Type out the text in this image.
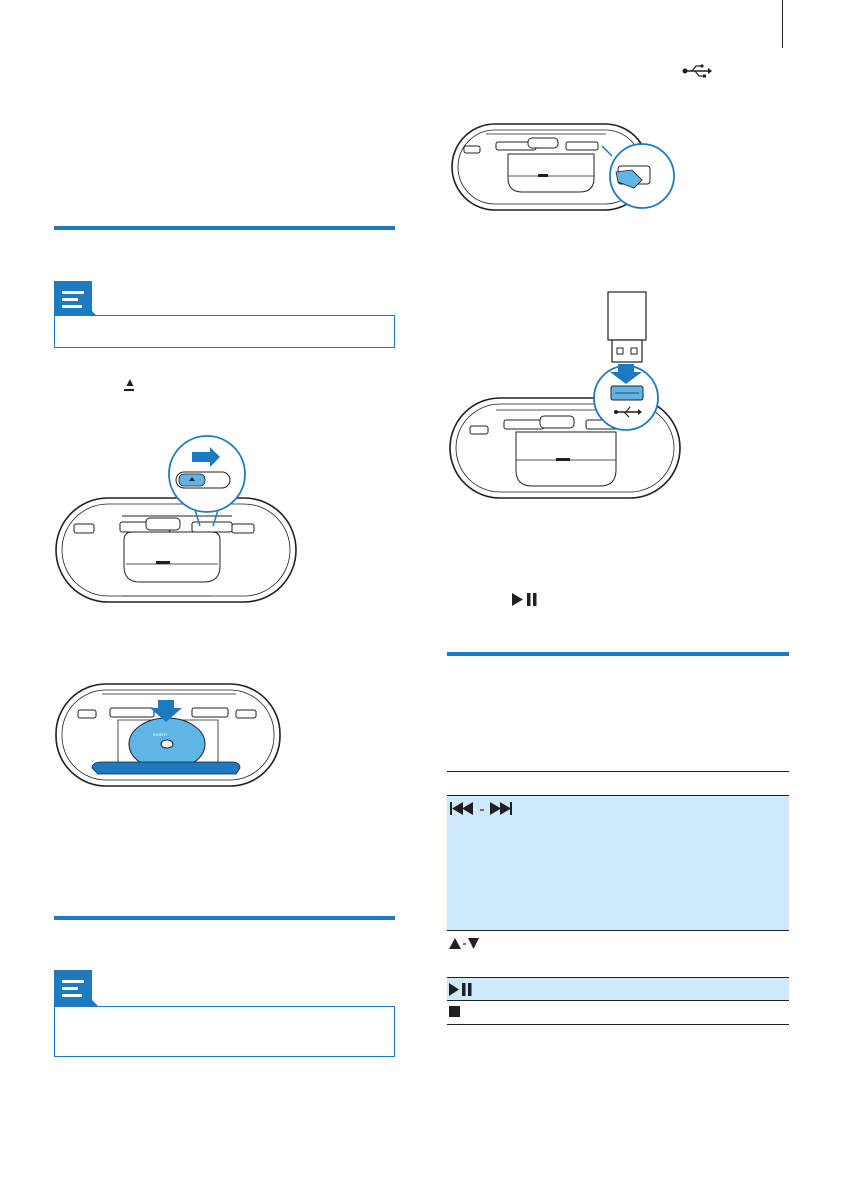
▲
INSERT
